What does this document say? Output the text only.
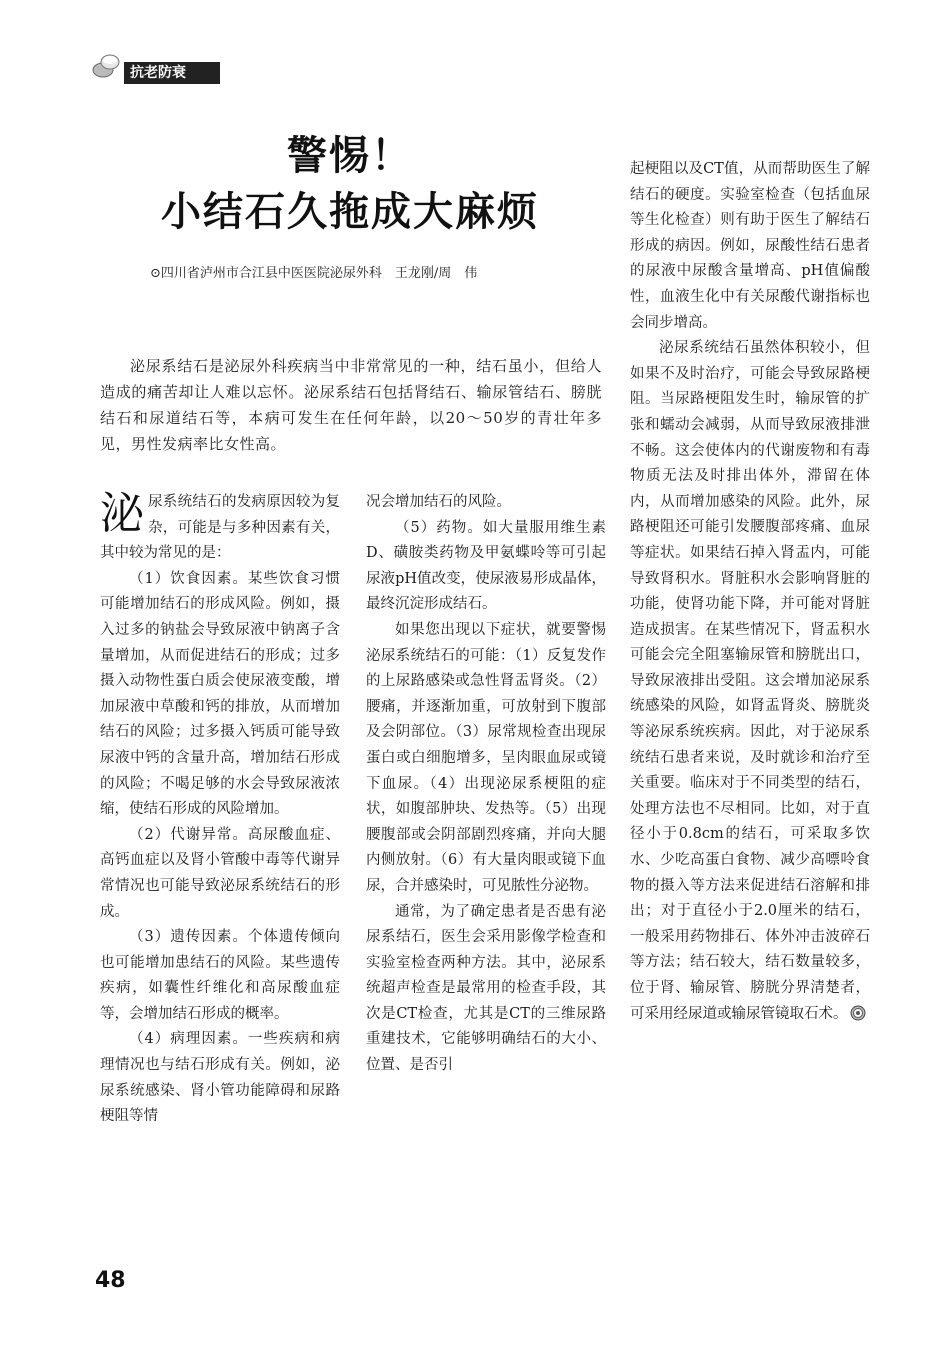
抗老防衰
警惕！
小结石久拖成大麻烦
⊙四川省泸州市合江县中医医院泌尿外科　王龙刚/周　伟

泌尿系结石是泌尿外科疾病当中非常常见的一种，结石虽小，但给人造成的痛苦却让人难以忘怀。泌尿系结石包括肾结石、输尿管结石、膀胱结石和尿道结石等，本病可发生在任何年龄，以20～50岁的青壮年多见，男性发病率比女性高。

泌尿系统结石的发病原因较为复杂，可能是与多种因素有关，其中较为常见的是：

（1）饮食因素。某些饮食习惯可能增加结石的形成风险。例如，摄入过多的钠盐会导致尿液中钠离子含量增加，从而促进结石的形成；过多摄入动物性蛋白质会使尿液变酸，增加尿液中草酸和钙的排放，从而增加结石的风险；过多摄入钙质可能导致尿液中钙的含量升高，增加结石形成的风险；不喝足够的水会导致尿液浓缩，使结石形成的风险增加。

（2）代谢异常。高尿酸血症、高钙血症以及肾小管酸中毒等代谢异常情况也可能导致泌尿系统结石的形成。

（3）遗传因素。个体遗传倾向也可能增加患结石的风险。某些遗传疾病，如囊性纤维化和高尿酸血症等，会增加结石形成的概率。

（4）病理因素。一些疾病和病理情况也与结石形成有关。例如，泌尿系统感染、肾小管功能障碍和尿路梗阻等情

况会增加结石的风险。

（5）药物。如大量服用维生素D、磺胺类药物及甲氨蝶呤等可引起尿液pH值改变，使尿液易形成晶体，最终沉淀形成结石。

如果您出现以下症状，就要警惕泌尿系统结石的可能：（1）反复发作的上尿路感染或急性肾盂肾炎。（2）腰痛，并逐渐加重，可放射到下腹部及会阴部位。（3）尿常规检查出现尿蛋白或白细胞增多，呈肉眼血尿或镜下血尿。（4）出现泌尿系梗阻的症状，如腹部肿块、发热等。（5）出现腰腹部或会阴部剧烈疼痛，并向大腿内侧放射。（6）有大量肉眼或镜下血尿，合并感染时，可见脓性分泌物。

通常，为了确定患者是否患有泌尿系结石，医生会采用影像学检查和实验室检查两种方法。其中，泌尿系统超声检查是最常用的检查手段，其次是CT检查，尤其是CT的三维尿路重建技术，它能够明确结石的大小、位置、是否引

起梗阻以及CT值，从而帮助医生了解结石的硬度。实验室检查（包括血尿等生化检查）则有助于医生了解结石形成的病因。例如，尿酸性结石患者的尿液中尿酸含量增高、pH值偏酸性，血液生化中有关尿酸代谢指标也会同步增高。

泌尿系统结石虽然体积较小，但如果不及时治疗，可能会导致尿路梗阻。当尿路梗阻发生时，输尿管的扩张和蠕动会减弱，从而导致尿液排泄不畅。这会使体内的代谢废物和有毒物质无法及时排出体外，滞留在体内，从而增加感染的风险。此外，尿路梗阻还可能引发腰腹部疼痛、血尿等症状。如果结石掉入肾盂内，可能导致肾积水。肾脏积水会影响肾脏的功能，使肾功能下降，并可能对肾脏造成损害。在某些情况下，肾盂积水可能会完全阻塞输尿管和膀胱出口，导致尿液排出受阻。这会增加泌尿系统感染的风险，如肾盂肾炎、膀胱炎等泌尿系统疾病。因此，对于泌尿系统结石患者来说，及时就诊和治疗至关重要。临床对于不同类型的结石，处理方法也不尽相同。比如，对于直径小于0.8cm的结石，可采取多饮水、少吃高蛋白食物、减少高嘌呤食物的摄入等方法来促进结石溶解和排出；对于直径小于2.0厘米的结石，一般采用药物排石、体外冲击波碎石等方法；结石较大，结石数量较多，位于肾、输尿管、膀胱分界清楚者，可采用经尿道或输尿管镜取石术。

48
